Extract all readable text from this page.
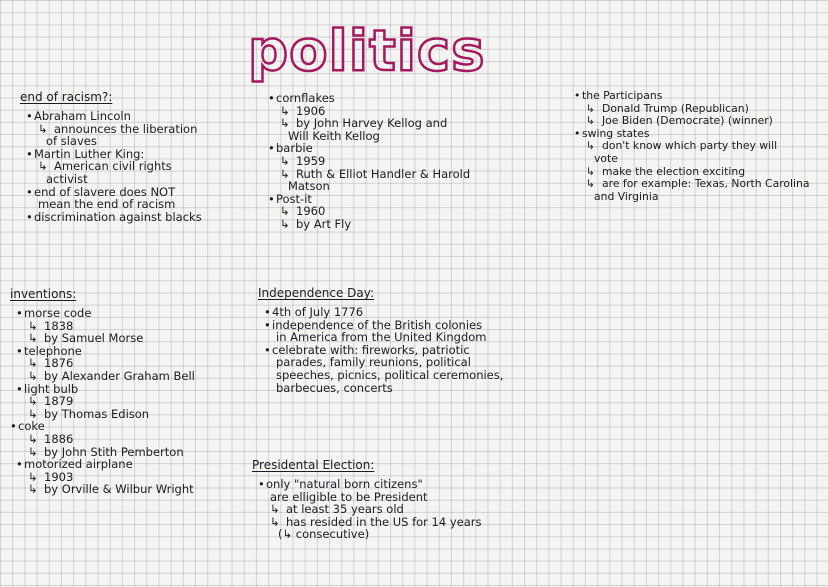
politics
end of racism?:
•Abraham Lincoln
↳ announces the liberation
of slaves
•Martin Luther King:
↳ American civil rights
activist
•end of slavere does NOT
mean the end of racism
•discrimination against blacks
•cornflakes
↳ 1906
↳ by John Harvey Kellog and
Will Keith Kellog
•barbie
↳ 1959
↳ Ruth & Elliot Handler & Harold
Matson
•Post-it
↳ 1960
↳ by Art Fly
• the Participans
↳ Donald Trump (Republican)
↳ Joe Biden (Democrate) (winner)
• swing states
↳ don't know which party they will
vote
↳ make the election exciting
↳ are for example: Texas, North Carolina
and Virginia
inventions:
•morse code
↳ 1838
↳ by Samuel Morse
•telephone
↳ 1876
↳ by Alexander Graham Bell
•light bulb
↳ 1879
↳ by Thomas Edison
•coke
↳ 1886
↳ by John Stith Pemberton
•motorized airplane
↳ 1903
↳ by Orville & Wilbur Wright
Independence Day:
•4th of July 1776
•independence of the British colonies
in America from the United Kingdom
•celebrate with: fireworks, patriotic
parades, family reunions, political
speeches, picnics, political ceremonies,
barbecues, concerts
Presidental Election:
•only "natural born citizens"
are elligible to be President
↳ at least 35 years old
↳ has resided in the US for 14 years
(↳ consecutive)
